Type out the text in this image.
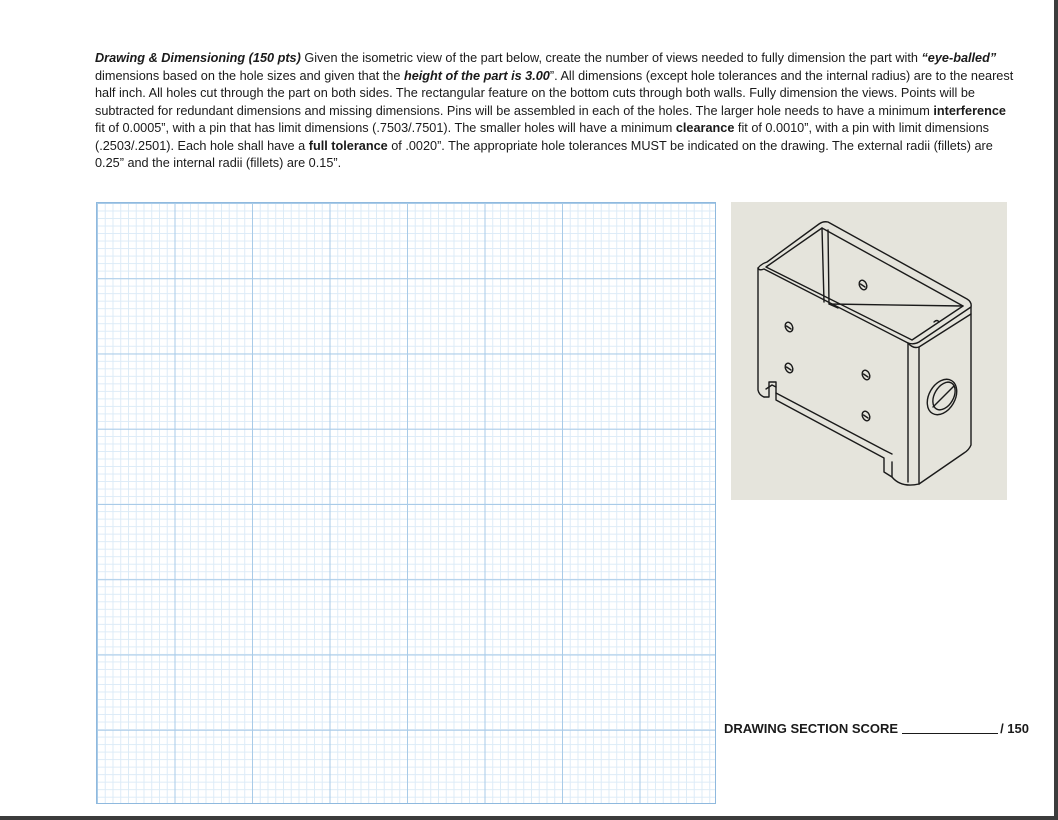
Drawing & Dimensioning (150 pts) Given the isometric view of the part below, create the number of views needed to fully dimension the part with “eye-balled” dimensions based on the hole sizes and given that the height of the part is 3.00”. All dimensions (except hole tolerances and the internal radius) are to the nearest half inch. All holes cut through the part on both sides. The rectangular feature on the bottom cuts through both walls. Fully dimension the views. Points will be subtracted for redundant dimensions and missing dimensions. Pins will be assembled in each of the holes. The larger hole needs to have a minimum interference fit of 0.0005”, with a pin that has limit dimensions (.7503/.7501). The smaller holes will have a minimum clearance fit of 0.0010”, with a pin with limit dimensions (.2503/.2501). Each hole shall have a full tolerance of .0020”. The appropriate hole tolerances MUST be indicated on the drawing. The external radii (fillets) are 0.25” and the internal radii (fillets) are 0.15”.

DRAWING SECTION SCORE	/ 150
